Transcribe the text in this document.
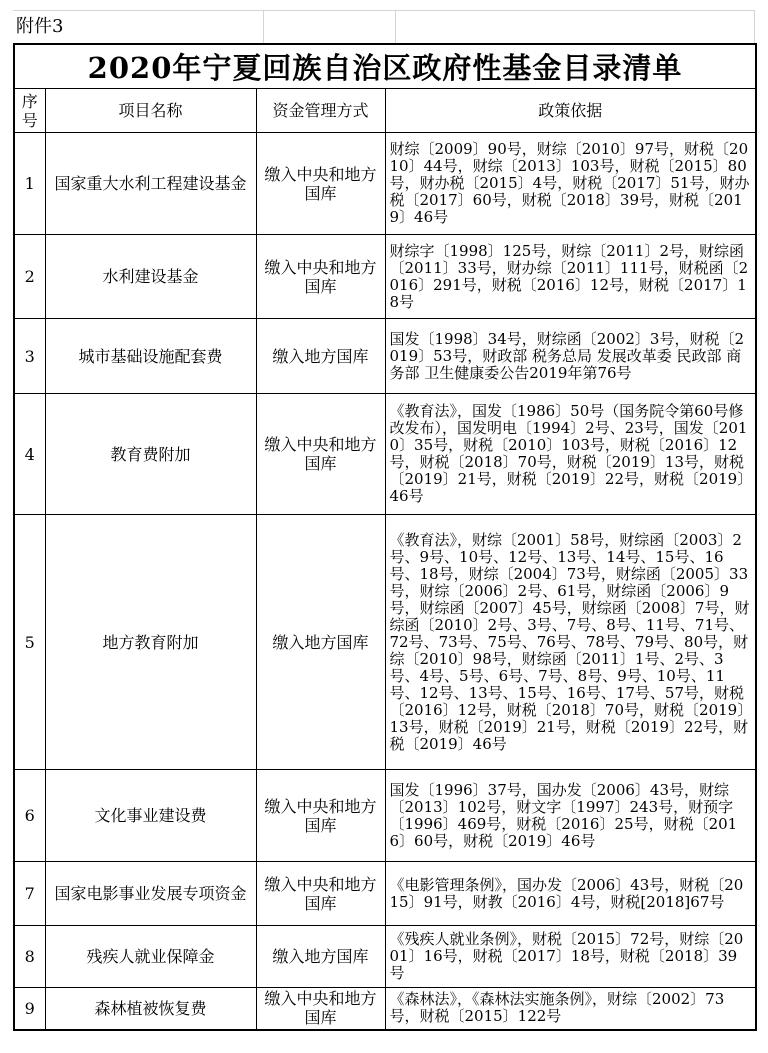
附件3
2020年宁夏回族自治区政府性基金目录清单			
序号	项目名称	资金管理方式	政策依据
1	国家重大水利工程建设基金	缴入中央和地方国库	财综〔2009〕90号，财综〔2010〕97号，财税〔2010〕44号，财综〔2013〕103号，财税〔2015〕80号，财办税〔2015〕4号，财税〔2017〕51号，财办税〔2017〕60号，财税〔2018〕39号，财税〔2019〕46号
2	水利建设基金	缴入中央和地方国库	财综字〔1998〕125号，财综〔2011〕2号，财综函〔2011〕33号，财办综〔2011〕111号，财税函〔2016〕291号，财税〔2016〕12号，财税〔2017〕18号
3	城市基础设施配套费	缴入地方国库	国发〔1998〕34号，财综函〔2002〕3号，财税〔2019〕53号，财政部 税务总局 发展改革委 民政部 商务部 卫生健康委公告2019年第76号
4	教育费附加	缴入中央和地方国库	《教育法》，国发〔1986〕50号（国务院令第60号修改发布），国发明电〔1994〕2号、23号，国发〔2010〕35号，财税〔2010〕103号，财税〔2016〕12号，财税〔2018〕70号，财税〔2019〕13号，财税〔2019〕21号，财税〔2019〕22号，财税〔2019〕46号
5	地方教育附加	缴入地方国库	《教育法》，财综〔2001〕58号，财综函〔2003〕2号、9号、10号、12号、13号、14号、15号、16号、18号，财综〔2004〕73号，财综函〔2005〕33号，财综〔2006〕2号、61号，财综函〔2006〕9号，财综函〔2007〕45号，财综函〔2008〕7号，财综函〔2010〕2号、3号、7号、8号、11号、71号、72号、73号、75号、76号、78号、79号、80号，财综〔2010〕98号，财综函〔2011〕1号、2号、3号、4号、5号、6号、7号、8号、9号、10号、11号、12号、13号、15号、16号、17号、57号，财税〔2016〕12号，财税〔2018〕70号，财税〔2019〕13号，财税〔2019〕21号，财税〔2019〕22号，财税〔2019〕46号
6	文化事业建设费	缴入中央和地方国库	国发〔1996〕37号，国办发〔2006〕43号，财综〔2013〕102号，财文字〔1997〕243号，财预字〔1996〕469号，财税〔2016〕25号，财税〔2016〕60号，财税〔2019〕46号
7	国家电影事业发展专项资金	缴入中央和地方国库	《电影管理条例》，国办发〔2006〕43号，财税〔2015〕91号，财教〔2016〕4号，财税[2018]67号
8	残疾人就业保障金	缴入地方国库	《残疾人就业条例》，财税〔2015〕72号，财综〔2001〕16号，财税〔2017〕18号，财税〔2018〕39号
9	森林植被恢复费	缴入中央和地方国库	《森林法》，《森林法实施条例》，财综〔2002〕73号，财税〔2015〕122号
